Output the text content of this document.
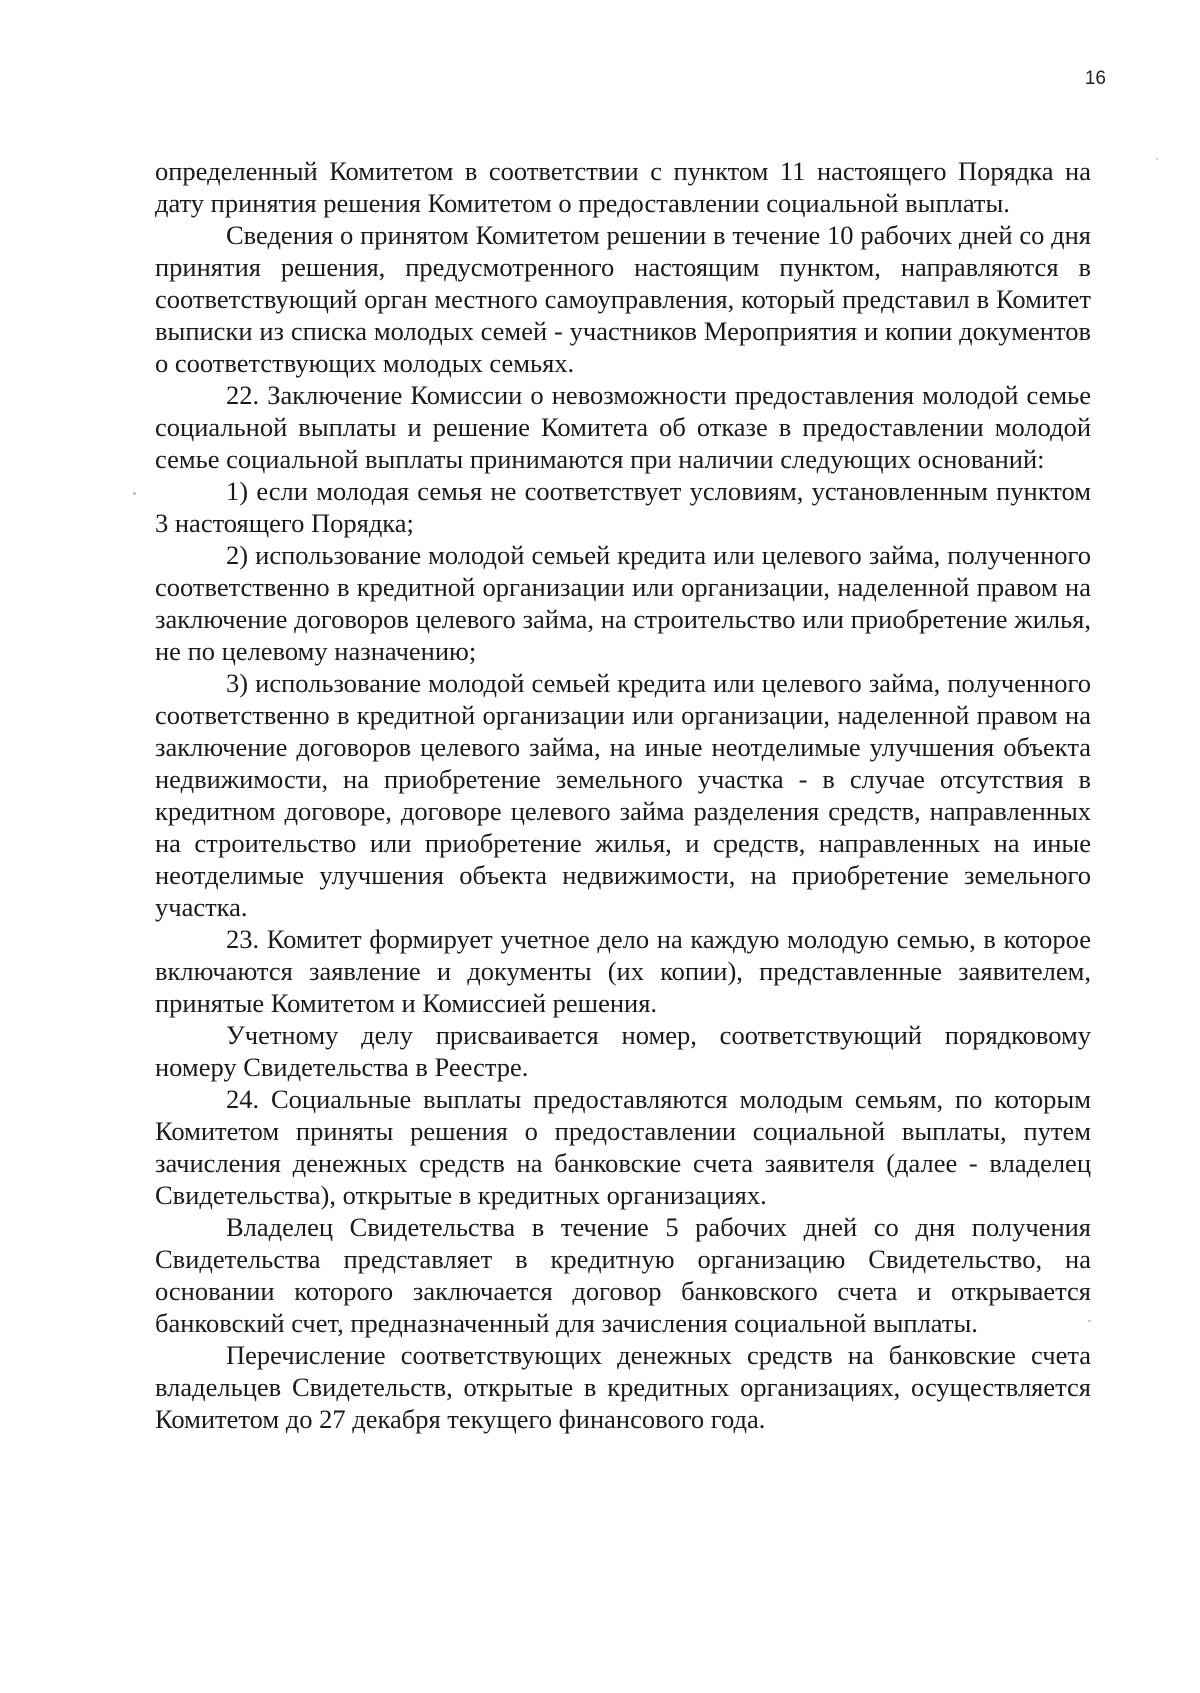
16

определенный Комитетом в соответствии с пунктом 11 настоящего Порядка на дату принятия решения Комитетом о предоставлении социальной выплаты.

Сведения о принятом Комитетом решении в течение 10 рабочих дней со дня принятия решения, предусмотренного настоящим пунктом, направляются в соответствующий орган местного самоуправления, который представил в Комитет выписки из списка молодых семей - участников Мероприятия и копии документов о соответствующих молодых семьях.

22. Заключение Комиссии о невозможности предоставления молодой семье социальной выплаты и решение Комитета об отказе в предоставлении молодой семье социальной выплаты принимаются при наличии следующих оснований:

1) если молодая семья не соответствует условиям, установленным пунктом 3 настоящего Порядка;

2) использование молодой семьей кредита или целевого займа, полученного соответственно в кредитной организации или организации, наделенной правом на заключение договоров целевого займа, на строительство или приобретение жилья, не по целевому назначению;

3) использование молодой семьей кредита или целевого займа, полученного соответственно в кредитной организации или организации, наделенной правом на заключение договоров целевого займа, на иные неотделимые улучшения объекта недвижимости, на приобретение земельного участка - в случае отсутствия в кредитном договоре, договоре целевого займа разделения средств, направленных на строительство или приобретение жилья, и средств, направленных на иные неотделимые улучшения объекта недвижимости, на приобретение земельного участка.

23. Комитет формирует учетное дело на каждую молодую семью, в которое включаются заявление и документы (их копии), представленные заявителем, принятые Комитетом и Комиссией решения.

Учетному делу присваивается номер, соответствующий порядковому номеру Свидетельства в Реестре.

24. Социальные выплаты предоставляются молодым семьям, по которым Комитетом приняты решения о предоставлении социальной выплаты, путем зачисления денежных средств на банковские счета заявителя (далее - владелец Свидетельства), открытые в кредитных организациях.

Владелец Свидетельства в течение 5 рабочих дней со дня получения Свидетельства представляет в кредитную организацию Свидетельство, на основании которого заключается договор банковского счета и открывается банковский счет, предназначенный для зачисления социальной выплаты.

Перечисление соответствующих денежных средств на банковские счета владельцев Свидетельств, открытые в кредитных организациях, осуществляется Комитетом до 27 декабря текущего финансового года.
